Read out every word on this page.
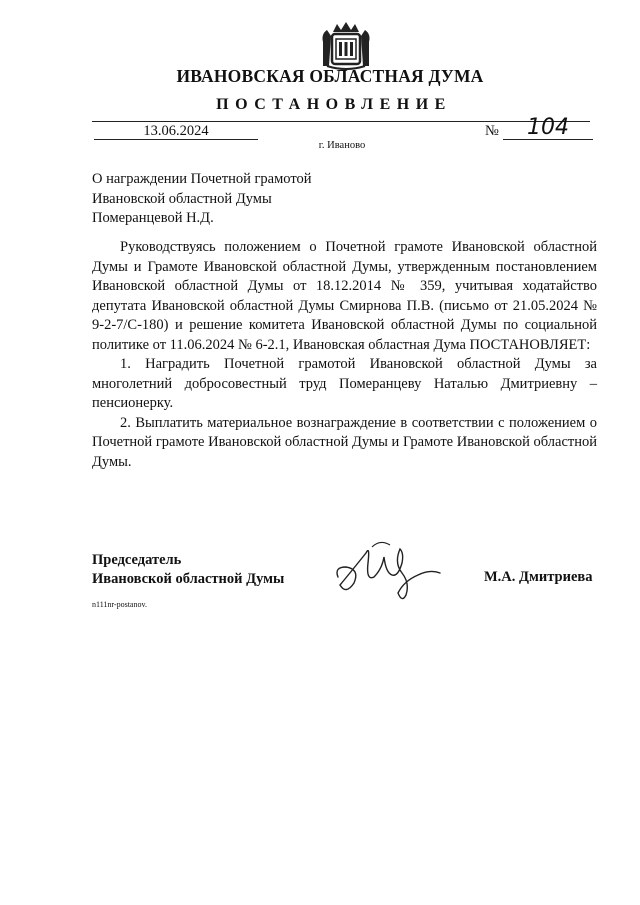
ИВАНОВСКАЯ ОБЛАСТНАЯ ДУМА
ПОСТАНОВЛЕНИЕ
13.06.2024	№	104
г. Иваново
О награждении Почетной грамотой
Ивановской областной Думы
Померанцевой Н.Д.

Руководствуясь положением о Почетной грамоте Ивановской областной Думы и Грамоте Ивановской областной Думы, утвержденным постановлением Ивановской областной Думы от 18.12.2014 № 359, учитывая ходатайство депутата Ивановской областной Думы Смирнова П.В. (письмо от 21.05.2024 № 9-2-7/С-180) и решение комитета Ивановской областной Думы по социальной политике от 11.06.2024 № 6-2.1, Ивановская областная Дума ПОСТАНОВЛЯЕТ:

1. Наградить Почетной грамотой Ивановской областной Думы за многолетний добросовестный труд Померанцеву Наталью Дмитриевну – пенсионерку.

2. Выплатить материальное вознаграждение в соответствии с положением о Почетной грамоте Ивановской областной Думы и Грамоте Ивановской областной Думы.

Председатель
Ивановской областной Думы	М.А. Дмитриева
n111nr-postanov.
